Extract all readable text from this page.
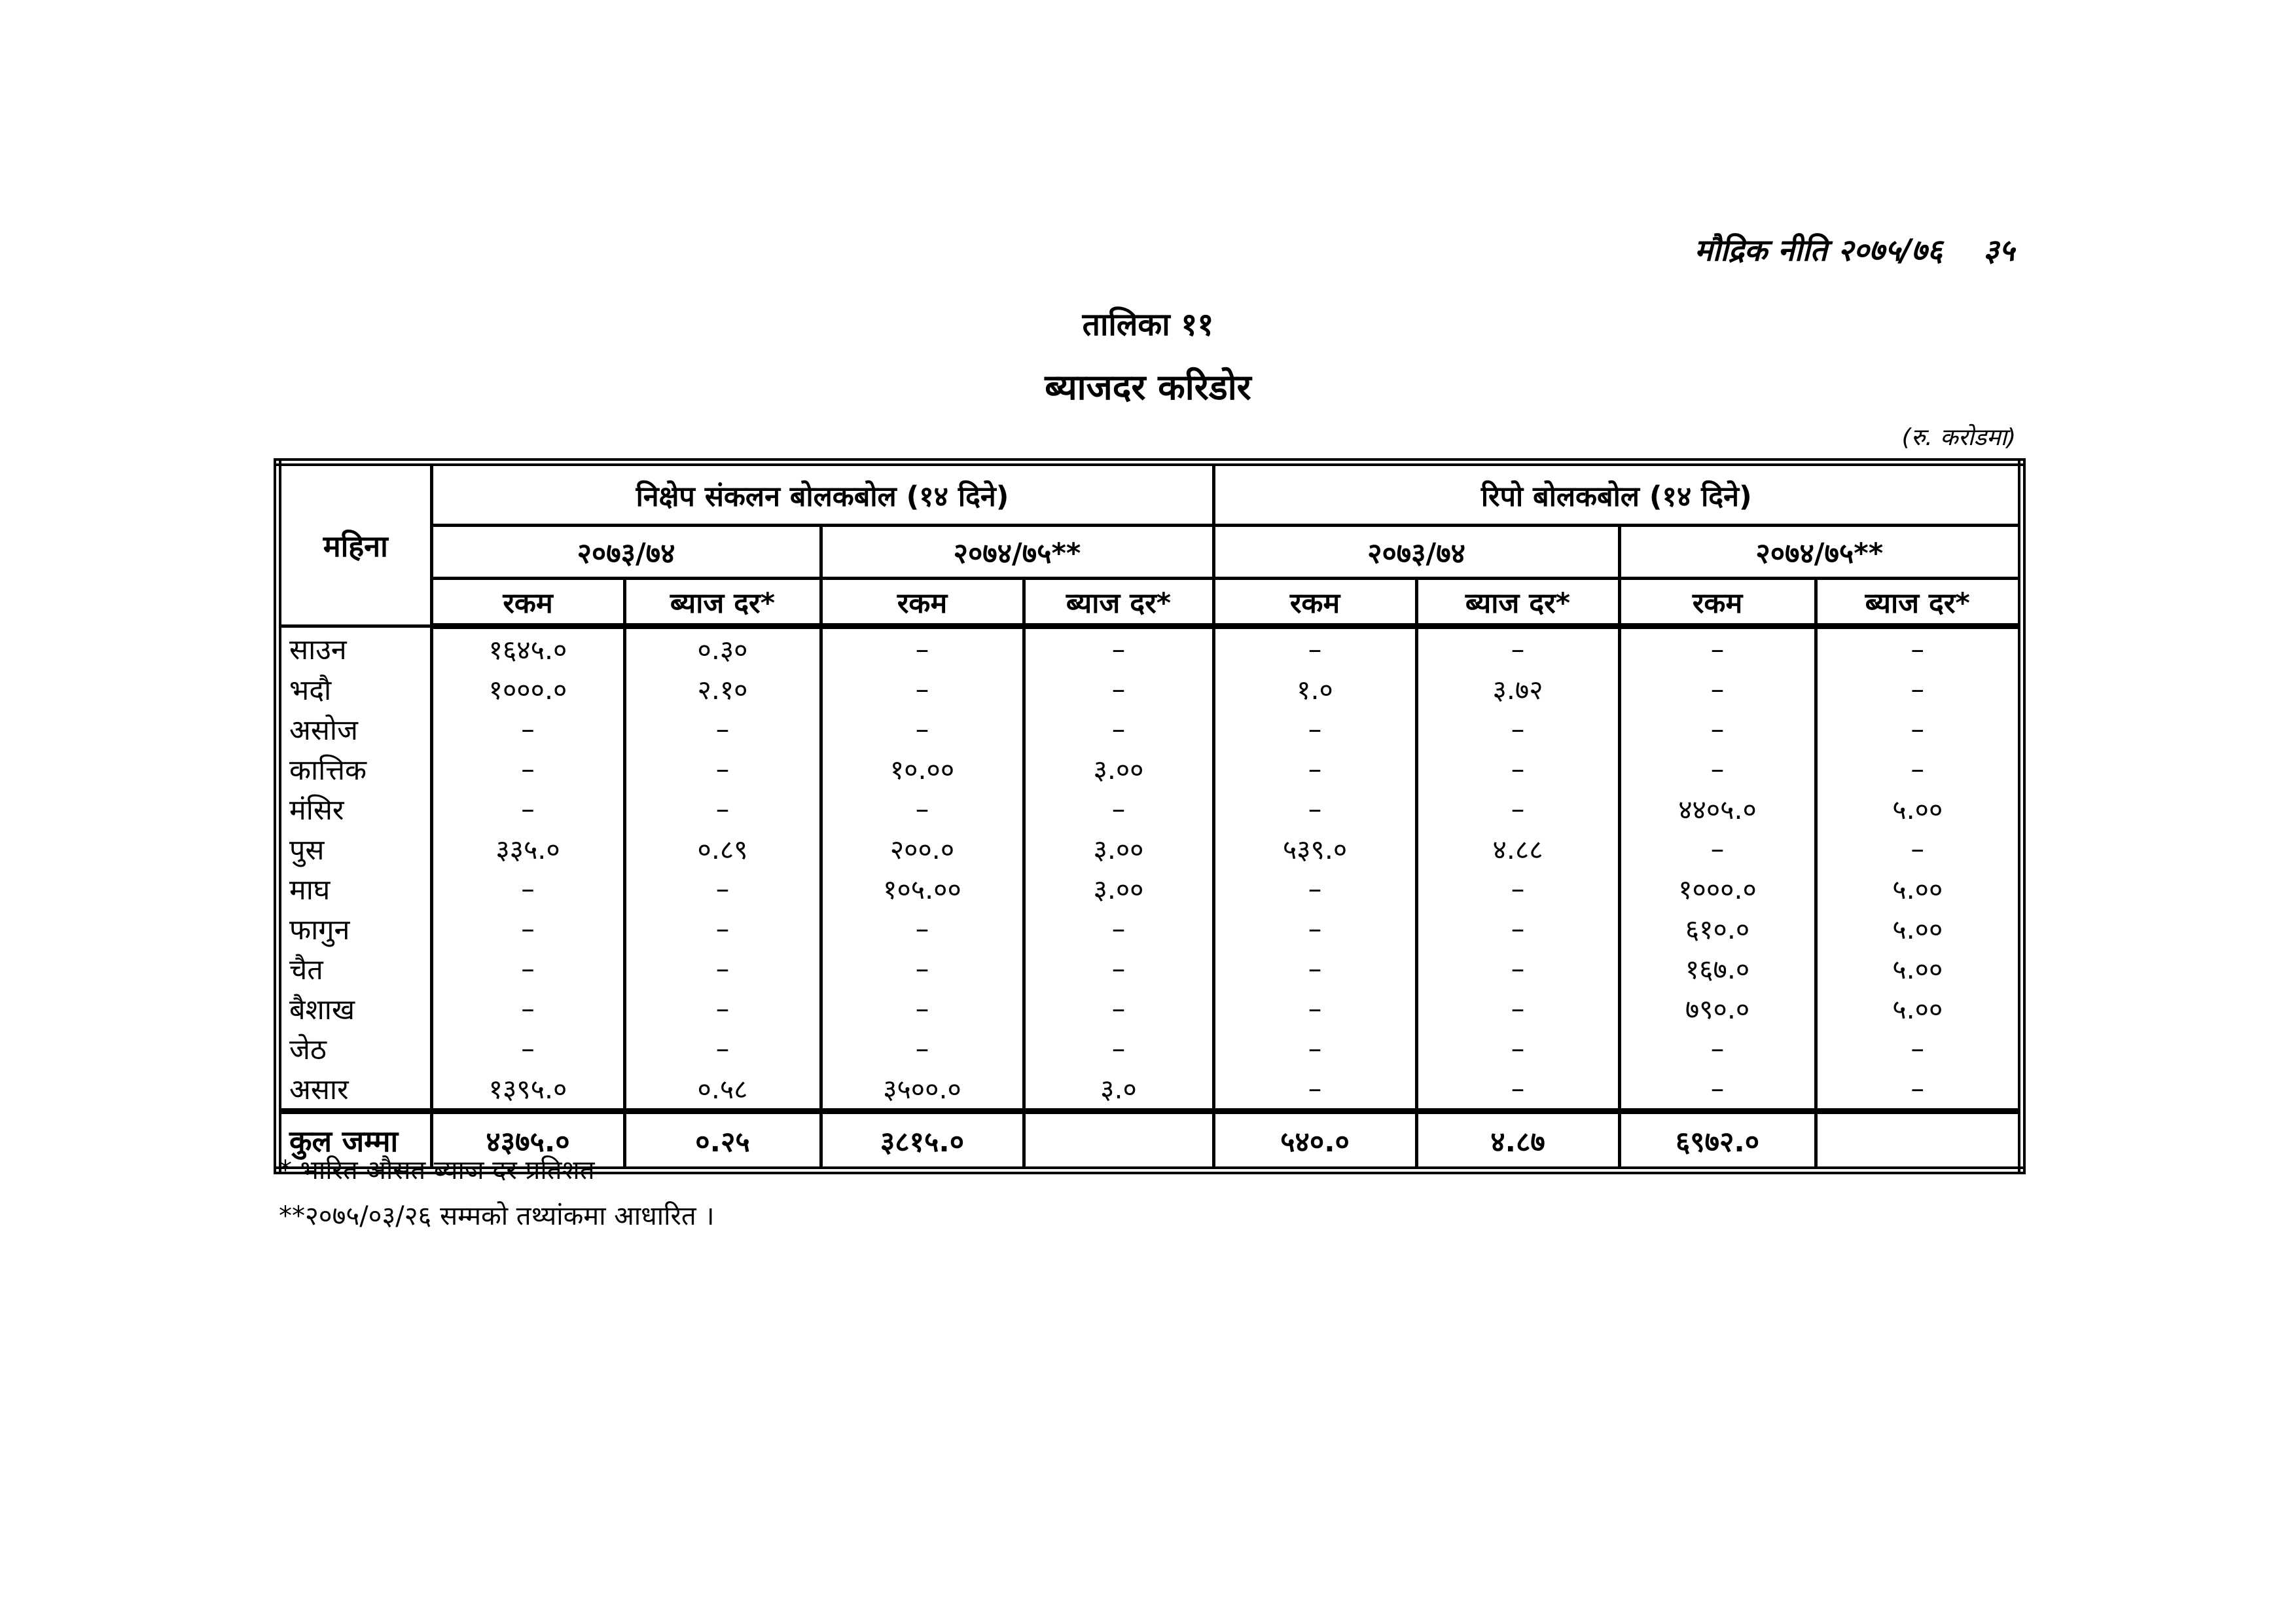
मौद्रिक नीति २०७५/७६ ३५
तालिका ११
ब्याजदर करिडोर
(रु. करोडमा)
महिना	निक्षेप संकलन बोलकबोल (१४ दिने)				रिपो बोलकबोल (१४ दिने)			
	२०७३/७४		२०७४/७५**		२०७३/७४		२०७४/७५**	
	रकम	ब्याज दर*	रकम	ब्याज दर*	रकम	ब्याज दर*	रकम	ब्याज दर*
साउन	१६४५.०	०.३०	–	–	–	–	–	–
भदौ	१०००.०	२.१०	–	–	१.०	३.७२	–	–
असोज	–	–	–	–	–	–	–	–
कात्तिक	–	–	१०.००	३.००	–	–	–	–
मंसिर	–	–	–	–	–	–	४४०५.०	५.००
पुस	३३५.०	०.८९	२००.०	३.००	५३९.०	४.८८	–	–
माघ	–	–	१०५.००	३.००	–	–	१०००.०	५.००
फागुन	–	–	–	–	–	–	६१०.०	५.००
चैत	–	–	–	–	–	–	१६७.०	५.००
बैशाख	–	–	–	–	–	–	७९०.०	५.००
जेठ	–	–	–	–	–	–	–	–
असार	१३९५.०	०.५८	३५००.०	३.०	–	–	–	–
कुल जम्मा	४३७५.०	०.२५	३८१५.०		५४०.०	४.८७	६९७२.०	
* भारित औसत ब्याज दर प्रतिशत
**२०७५/०३/२६ सम्मको तथ्यांकमा आधारित ।
